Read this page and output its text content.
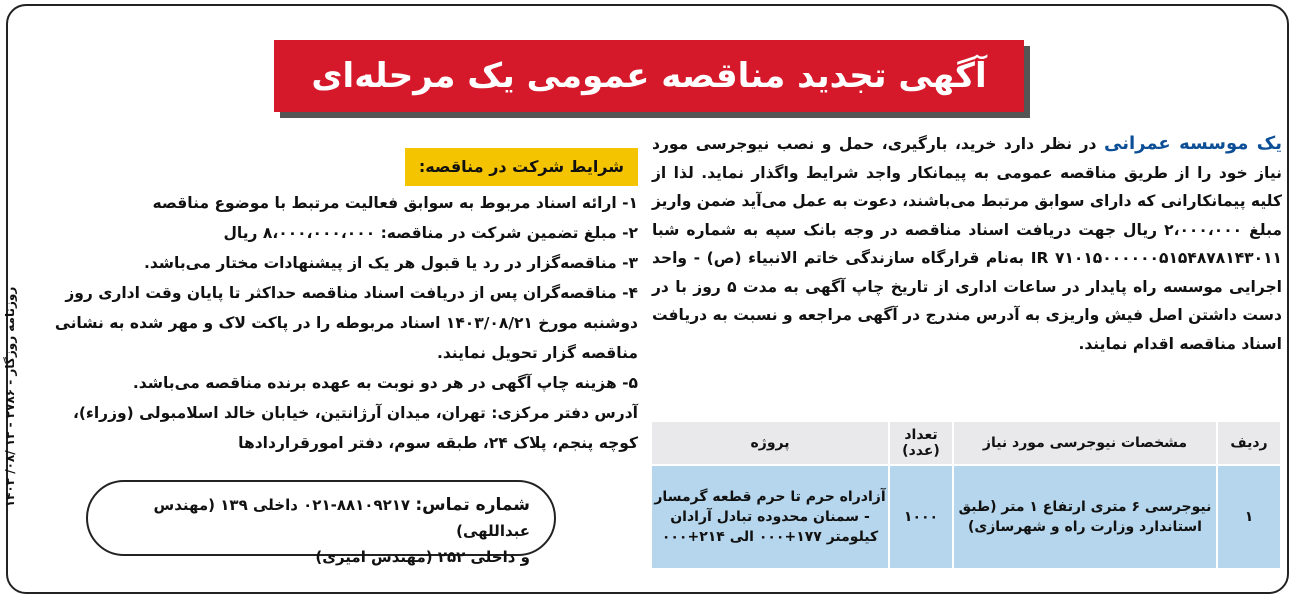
روزنامه روزگار - ۲۷۸۶ - ۱۳ /۰۸/ ۱۴۰۳
آگهی تجدید مناقصه عمومی یک مرحله‌ای
یک موسسه عمرانی در نظر دارد خرید، بارگیری، حمل و نصب نیوجرسی مورد نیاز خود را از طریق مناقصه عمومی به پیمانکار واجد شرایط واگذار نماید. لذا از کلیه پیمانکارانی که دارای سوابق مرتبط می‌باشند، دعوت به عمل می‌آید ضمن واریز مبلغ ۲،۰۰۰،۰۰۰ ریال جهت دریافت اسناد مناقصه در وجه بانک سپه به شماره شبا IR ۷۱۰۱۵۰۰۰۰۰۰۵۱۵۴۸۷۸۱۴۳۰۱۱ به‌نام قرارگاه سازندگی خاتم الانبیاء (ص) - واحد اجرایی موسسه راه پایدار در ساعات اداری از تاریخ چاپ آگهی به مدت ۵ روز با در دست داشتن اصل فیش واریزی به آدرس مندرج در آگهی مراجعه و نسبت به دریافت اسناد مناقصه اقدام نمایند.
شرایط شرکت در مناقصه:
۱- ارائه اسناد مربوط به سوابق فعالیت مرتبط با موضوع مناقصه
۲- مبلغ تضمین شرکت در مناقصه: ۸،۰۰۰،۰۰۰،۰۰۰ ریال
۳- مناقصه‌گزار در رد یا قبول هر یک از پیشنهادات مختار می‌باشد.
۴- مناقصه‌گران پس از دریافت اسناد مناقصه حداکثر تا پایان وقت اداری روز دوشنبه مورخ ۱۴۰۳/۰۸/۲۱ اسناد مربوطه را در پاکت لاک و مهر شده به نشانی مناقصه گزار تحویل نمایند.
۵- هزینه چاپ آگهی در هر دو نوبت به عهده برنده مناقصه می‌باشد.
آدرس دفتر مرکزی: تهران، میدان آرژانتین، خیابان خالد اسلامبولی (وزراء)، کوچه پنجم، پلاک ۲۴، طبقه سوم، دفتر امورقراردادها
شماره تماس: ۸۸۱۰۹۲۱۷-۰۲۱ داخلی ۱۳۹ (مهندس عبداللهی)
و داخلی ۲۵۲ (مهندس امیری)
ردیف	مشخصات نیوجرسی مورد نیاز	تعداد (عدد)	پروژه
۱	نیوجرسی ۶ متری ارتفاع ۱ متر (طبق استاندارد وزارت راه و شهرسازی)	۱۰۰۰	آزادراه حرم تا حرم قطعه گرمسار - سمنان محدوده تبادل آرادان کیلومتر ۱۷۷+۰۰۰ الی ۲۱۴+۰۰۰
